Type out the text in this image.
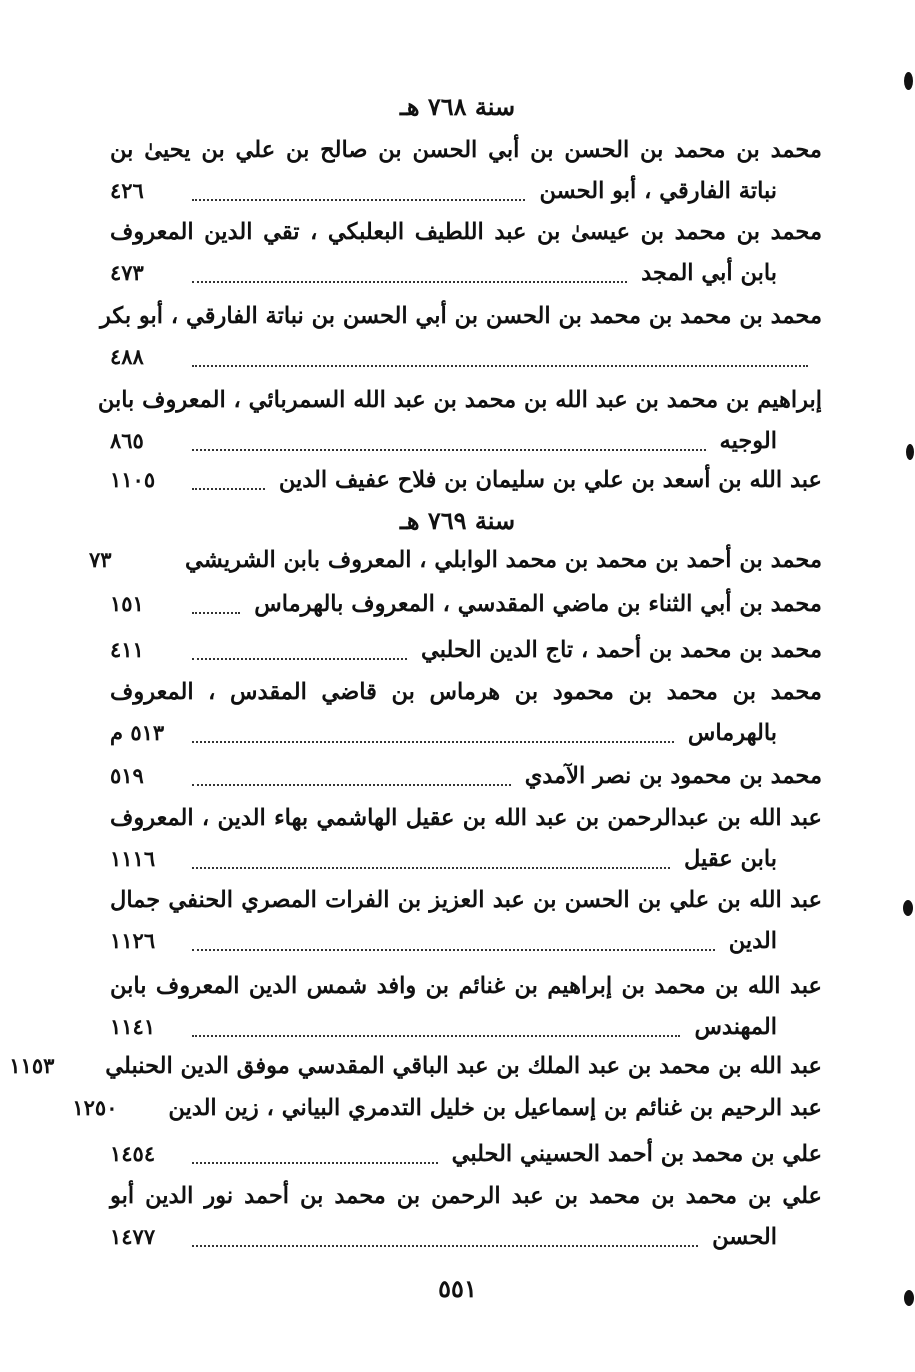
سنة ٧٦٨ هـ
محمد بن محمد بن الحسن بن أبي الحسن بن صالح بن علي بن يحيىٰ بن
نباتة الفارقي ، أبو الحسن
٤٢٦
محمد بن محمد بن عيسىٰ بن عبد اللطيف البعلبكي ، تقي الدين المعروف
بابن أبي المجد
٤٧٣
محمد بن محمد بن محمد بن الحسن بن أبي الحسن بن نباتة الفارقي ، أبو بكر
٤٨٨
إبراهيم بن محمد بن عبد الله بن محمد بن عبد الله السمربائي ، المعروف بابن
الوجيه
٨٦٥
عبد الله بن أسعد بن علي بن سليمان بن فلاح عفيف الدين
١١٠٥
سنة ٧٦٩ هـ
محمد بن أحمد بن محمد بن محمد الوابلي ، المعروف بابن الشريشي
٧٣
محمد بن أبي الثناء بن ماضي المقدسي ، المعروف بالهرماس
١٥١
محمد بن محمد بن أحمد ، تاج الدين الحلبي
٤١١
محمد بن محمد بن محمود بن هرماس بن قاضي المقدس ، المعروف
بالهرماس
٥١٣ م
محمد بن محمود بن نصر الآمدي
٥١٩
عبد الله بن عبدالرحمن بن عبد الله بن عقيل الهاشمي بهاء الدين ، المعروف
بابن عقيل
١١١٦
عبد الله بن علي بن الحسن بن عبد العزيز بن الفرات المصري الحنفي جمال
الدين
١١٢٦
عبد الله بن محمد بن إبراهيم بن غنائم بن وافد شمس الدين المعروف بابن
المهندس
١١٤١
عبد الله بن محمد بن عبد الملك بن عبد الباقي المقدسي موفق الدين الحنبلي
١١٥٣
عبد الرحيم بن غنائم بن إسماعيل بن خليل التدمري البياني ، زين الدين
١٢٥٠
علي بن محمد بن أحمد الحسيني الحلبي
١٤٥٤
علي بن محمد بن محمد بن عبد الرحمن بن محمد بن أحمد نور الدين أبو
الحسن
١٤٧٧
٥٥١
